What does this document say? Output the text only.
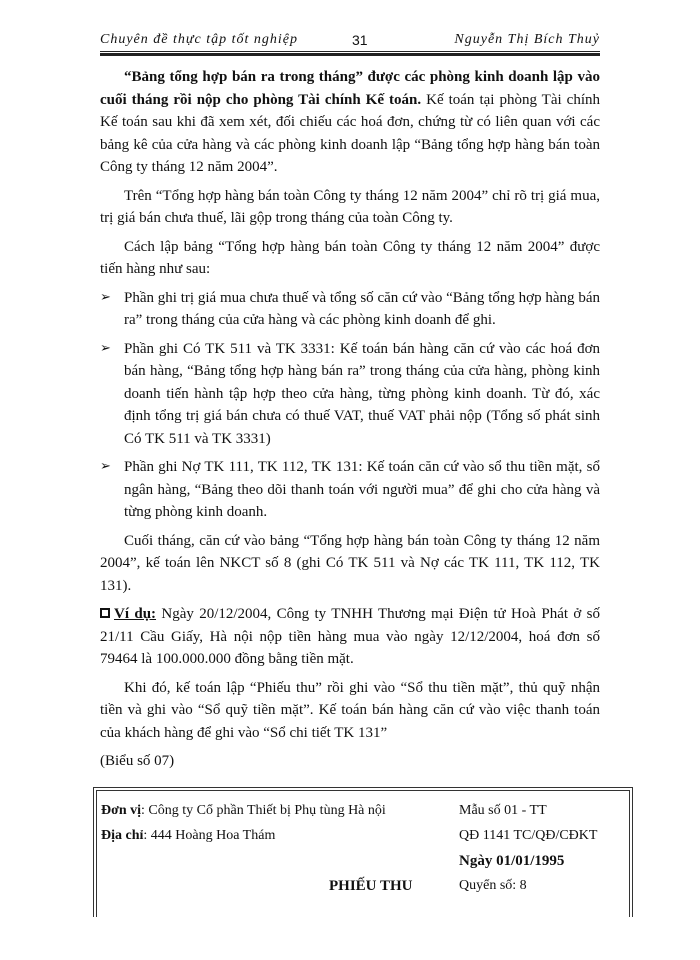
Chuyên đề thực tập tốt nghiệp	31	Nguyễn Thị Bích Thuỷ

“Bảng tổng hợp bán ra trong tháng” được các phòng kinh doanh lập vào cuối tháng rồi nộp cho phòng Tài chính Kế toán. Kế toán tại phòng Tài chính Kế toán sau khi đã xem xét, đối chiếu các hoá đơn, chứng từ có liên quan với các bảng kê của cửa hàng và các phòng kinh doanh lập “Bảng tổng hợp hàng bán toàn Công ty tháng 12 năm 2004”.

Trên “Tổng hợp hàng bán toàn Công ty tháng 12 năm 2004” chỉ rõ trị giá mua, trị giá bán chưa thuế, lãi gộp trong tháng của toàn Công ty.

Cách lập bảng “Tổng hợp hàng bán toàn Công ty tháng 12 năm 2004” được tiến hàng như sau:

➢ Phần ghi trị giá mua chưa thuế và tổng số căn cứ vào “Bảng tổng hợp hàng bán ra” trong tháng của cửa hàng và các phòng kinh doanh để ghi.
➢ Phần ghi Có TK 511 và TK 3331: Kế toán bán hàng căn cứ vào các hoá đơn bán hàng, “Bảng tổng hợp hàng bán ra” trong tháng của cửa hàng, phòng kinh doanh tiến hành tập hợp theo cửa hàng, từng phòng kinh doanh. Từ đó, xác định tổng trị giá bán chưa có thuế VAT, thuế VAT phải nộp (Tổng số phát sinh Có TK 511 và TK 3331)
➢ Phần ghi Nợ TK 111, TK 112, TK 131: Kế toán căn cứ vào sổ thu tiền mặt, sổ ngân hàng, “Bảng theo dõi thanh toán với người mua” để ghi cho cửa hàng và từng phòng kinh doanh.

Cuối tháng, căn cứ vào bảng “Tổng hợp hàng bán toàn Công ty tháng 12 năm 2004”, kế toán lên NKCT số 8 (ghi Có TK 511 và Nợ các TK 111, TK 112, TK 131).

Ví dụ: Ngày 20/12/2004, Công ty TNHH Thương mại Điện tử Hoà Phát ở số 21/11 Cầu Giấy, Hà nội nộp tiền hàng mua vào ngày 12/12/2004, hoá đơn số 79464 là 100.000.000 đồng bằng tiền mặt.

Khi đó, kế toán lập “Phiếu thu” rồi ghi vào “Sổ thu tiền mặt”, thủ quỹ nhận tiền và ghi vào “Sổ quỹ tiền mặt”. Kế toán bán hàng căn cứ vào việc thanh toán của khách hàng để ghi vào “Sổ chi tiết TK 131”

(Biểu số 07)

Đơn vị: Công ty Cổ phần Thiết bị Phụ tùng Hà nội	Mẫu số 01 - TT
Địa chỉ: 444 Hoàng Hoa Thám	QĐ 1141 TC/QĐ/CĐKT
Ngày 01/01/1995
PHIẾU THU	Quyển số: 8
